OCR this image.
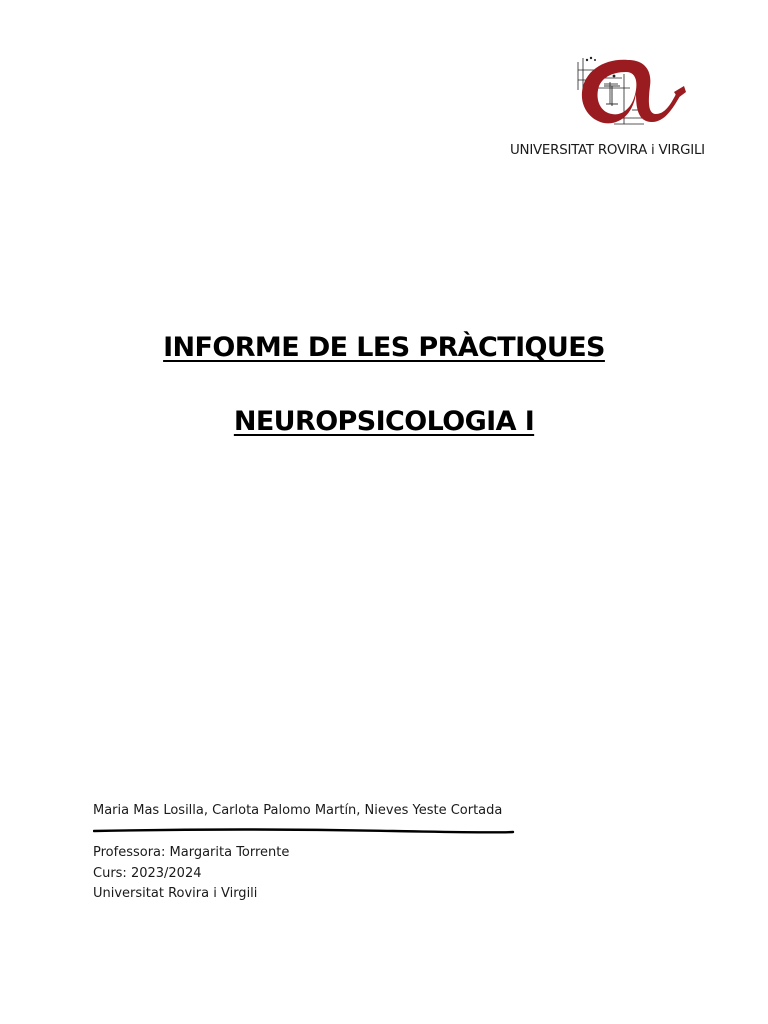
UNIVERSITAT ROVIRA i VIRGILI
INFORME DE LES PRÀCTIQUES
NEUROPSICOLOGIA I
Maria Mas Losilla, Carlota Palomo Martín, Nieves Yeste Cortada
Professora: Margarita Torrente
Curs: 2023/2024
Universitat Rovira i Virgili
